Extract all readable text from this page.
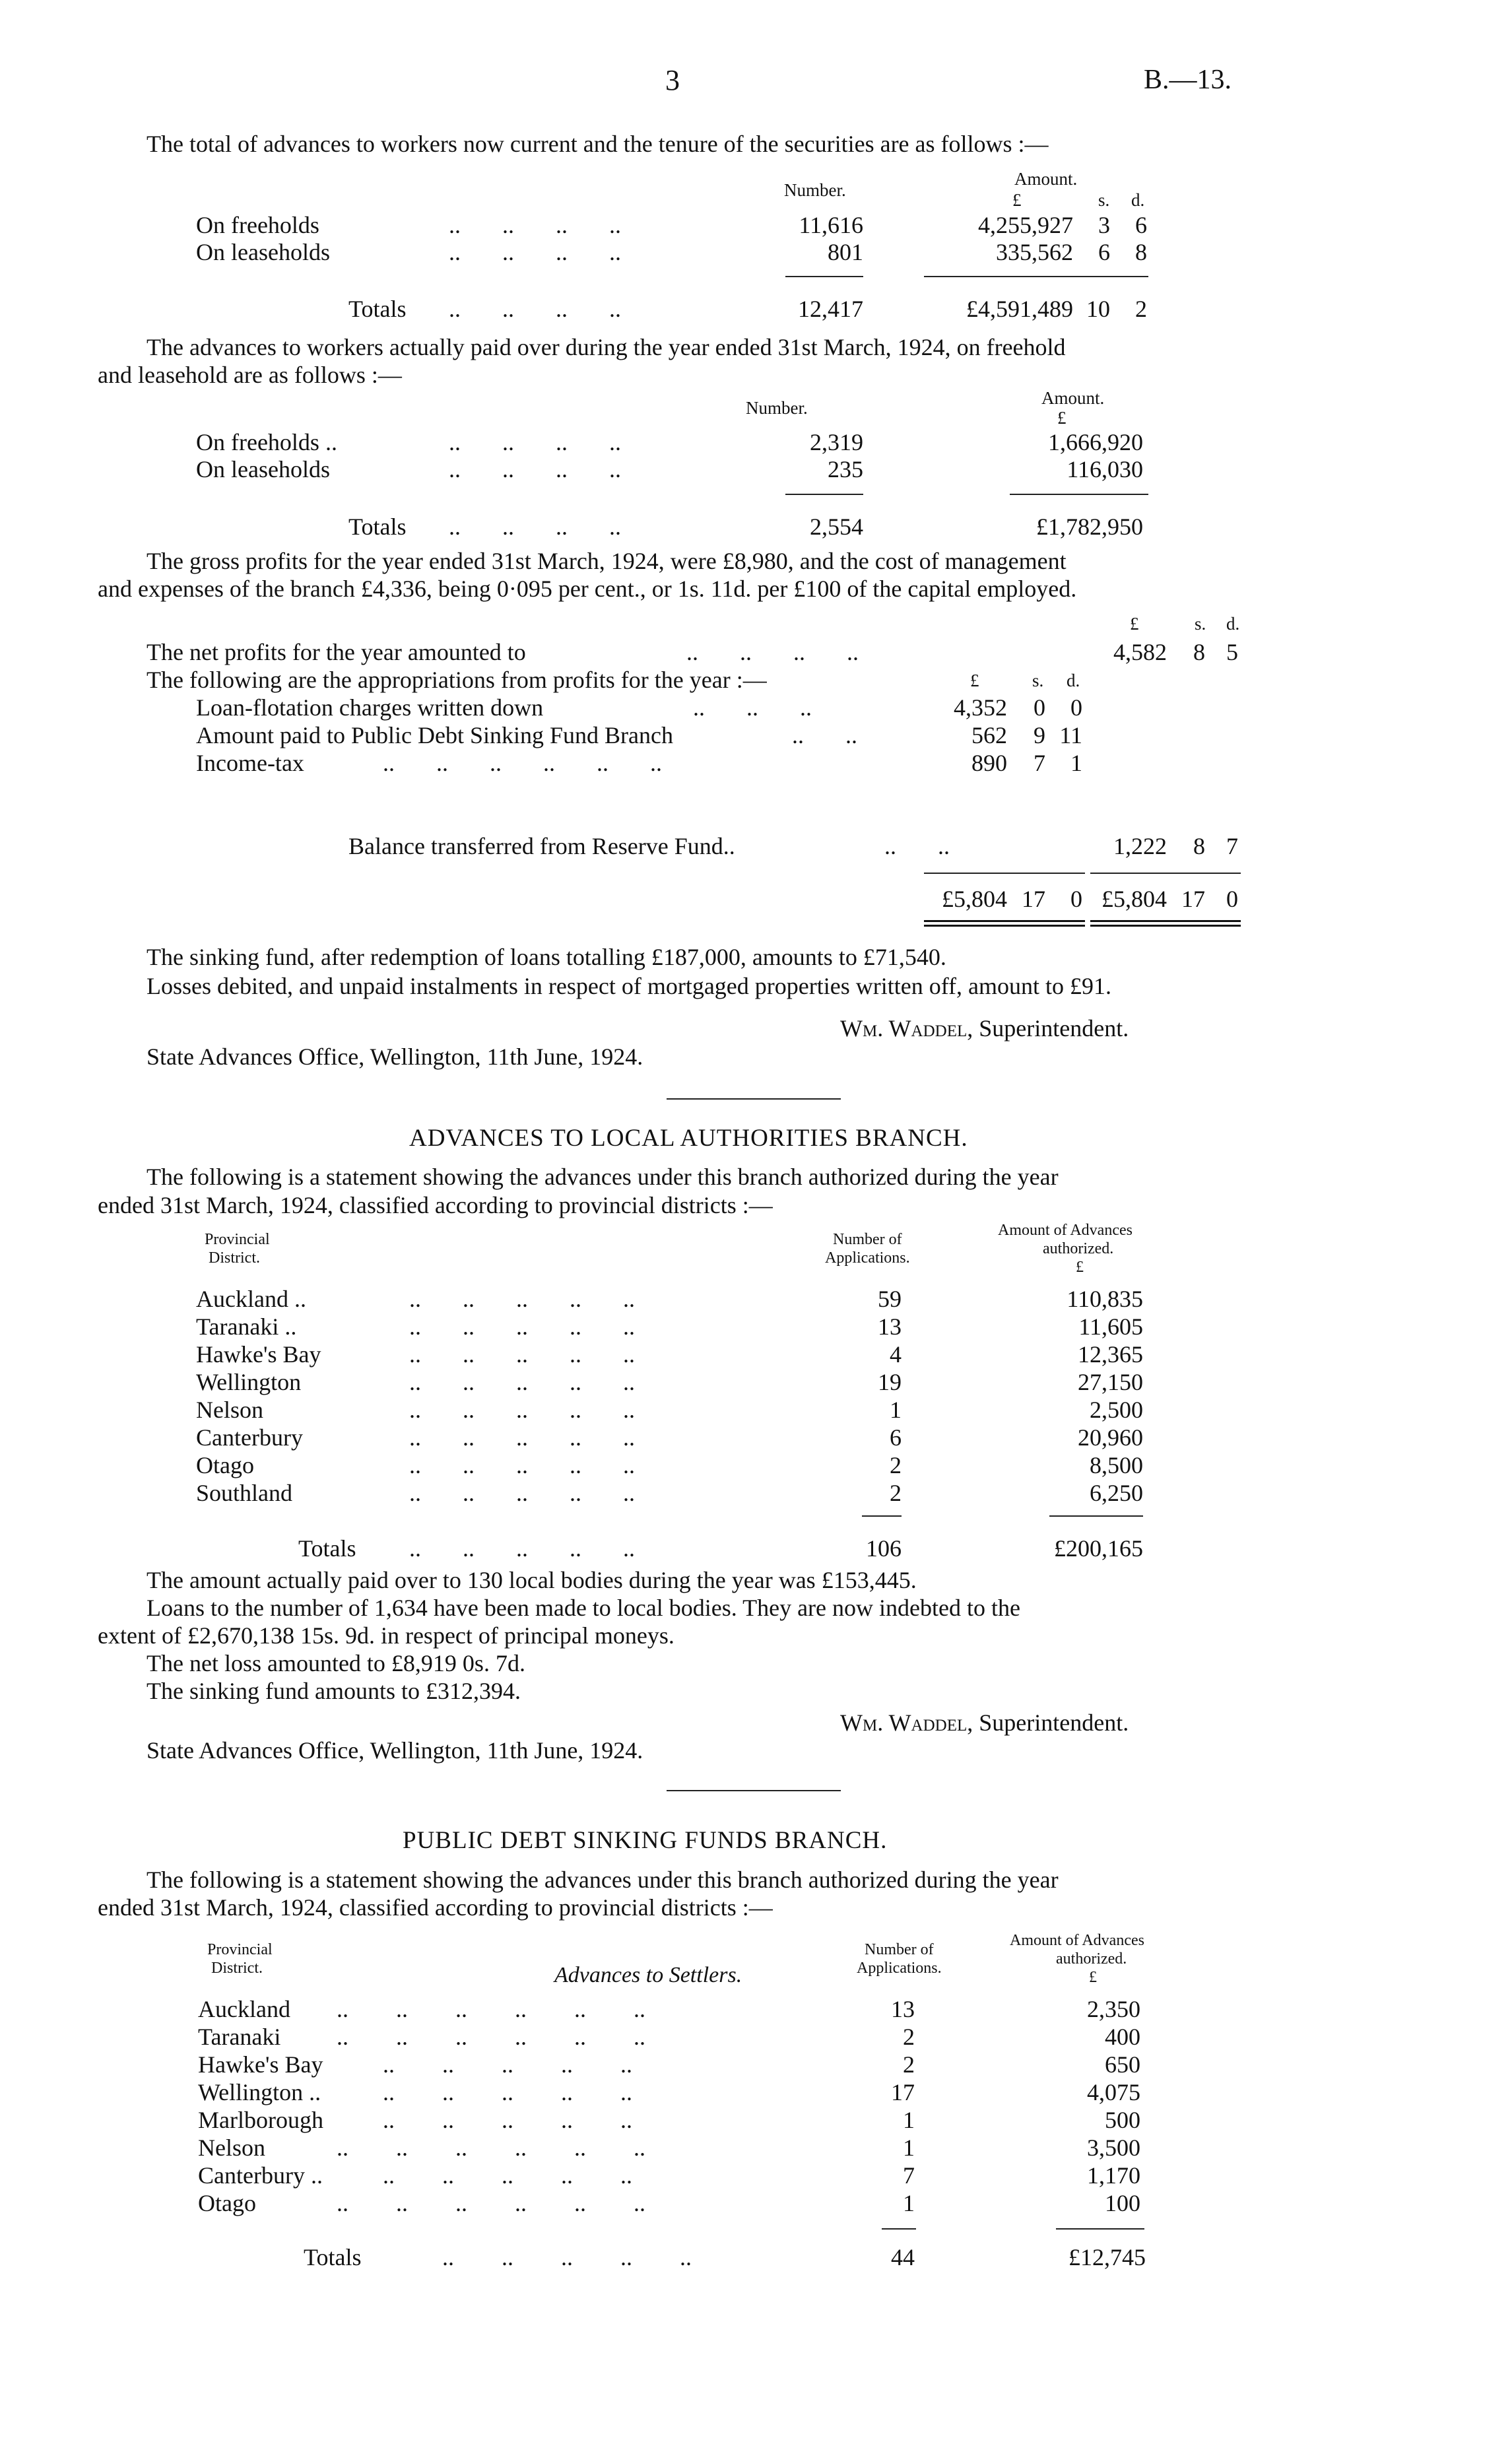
3	B.—13.
The total of advances to workers now current and the tenure of the securities are as follows :—
Number.
Amount.
£	s. d.
On freeholds	..       ..       ..       ..	11,616	4,255,927	3	6
On leaseholds	..       ..       ..       ..	801	335,562	6	8
Totals ..       ..       ..       ..	12,417	£4,591,489 10	2
The advances to workers actually paid over during the year ended 31st March, 1924, on freehold
and leasehold are as follows :—
Number.	Amount.
£
On freeholds ..	..       ..       ..       ..	2,319	1,666,920
On leaseholds	..       ..       ..       ..	235	116,030
Totals ..       ..       ..       ..	2,554	£1,782,950
The gross profits for the year ended 31st March, 1924, were £8,980, and the cost of management
and expenses of the branch £4,336, being 0·095 per cent., or 1s. 11d. per £100 of the capital employed.
£	s. d.
The net profits for the year amounted to	..       ..       ..       ..	4,582	8 5
The following are the appropriations from profits for the year :—	£	s. d.
Loan-flotation charges written down	..       ..       ..	4,352	0	0
Amount paid to Public Debt Sinking Fund Branch	..       ..	562	9 11
Income-tax	..       ..       ..       ..       ..       ..	890	7	1
Balance transferred from Reserve Fund..	..       ..	1,222	8 7
£5,804 17	0 £5,804 17 0
The sinking fund, after redemption of loans totalling £187,000, amounts to £71,540.
Losses debited, and unpaid instalments in respect of mortgaged properties written off, amount to £91.
Wm. Waddel, Superintendent.
State Advances Office, Wellington, 11th June, 1924.
ADVANCES TO LOCAL AUTHORITIES BRANCH.
The following is a statement showing the advances under this branch authorized during the year
ended 31st March, 1924, classified according to provincial districts :—
Provincial
District.
Number of
Applications.
Amount of Advances
authorized.
£
Auckland ..	..       ..       ..       ..       ..	59	110,835
Taranaki ..	..       ..       ..       ..       ..	13	11,605
Hawke's Bay	..       ..       ..       ..       ..	4	12,365
Wellington	..       ..       ..       ..       ..	19	27,150
Nelson	..       ..       ..       ..       ..	1	2,500
Canterbury	..       ..       ..       ..       ..	6	20,960
Otago	..       ..       ..       ..       ..	2	8,500
Southland	..       ..       ..       ..       ..	2	6,250
Totals ..       ..       ..       ..       ..	106	£200,165
The amount actually paid over to 130 local bodies during the year was £153,445.
Loans to the number of 1,634 have been made to local bodies. They are now indebted to the
extent of £2,670,138 15s. 9d. in respect of principal moneys.
The net loss amounted to £8,919 0s. 7d.
The sinking fund amounts to £312,394.
Wm. Waddel, Superintendent.
State Advances Office, Wellington, 11th June, 1924.
PUBLIC DEBT SINKING FUNDS BRANCH.
The following is a statement showing the advances under this branch authorized during the year
ended 31st March, 1924, classified according to provincial districts :—
Provincial
District.	Advances to Settlers.
Number of
Applications.
Amount of Advances
authorized.
£
Auckland ..        ..        ..        ..        ..        ..	13	2,350
Taranaki ..        ..        ..        ..        ..        ..	2	400
Hawke's Bay	..        ..        ..        ..        ..	2	650
Wellington ..	..        ..        ..        ..        ..	17	4,075
Marlborough	..        ..        ..        ..        ..	1	500
Nelson	..        ..        ..        ..        ..        ..	1	3,500
Canterbury ..	..        ..        ..        ..        ..	7	1,170
Otago	..        ..        ..        ..        ..        ..	1	100
Totals	..        ..        ..        ..        ..	44	£12,745
